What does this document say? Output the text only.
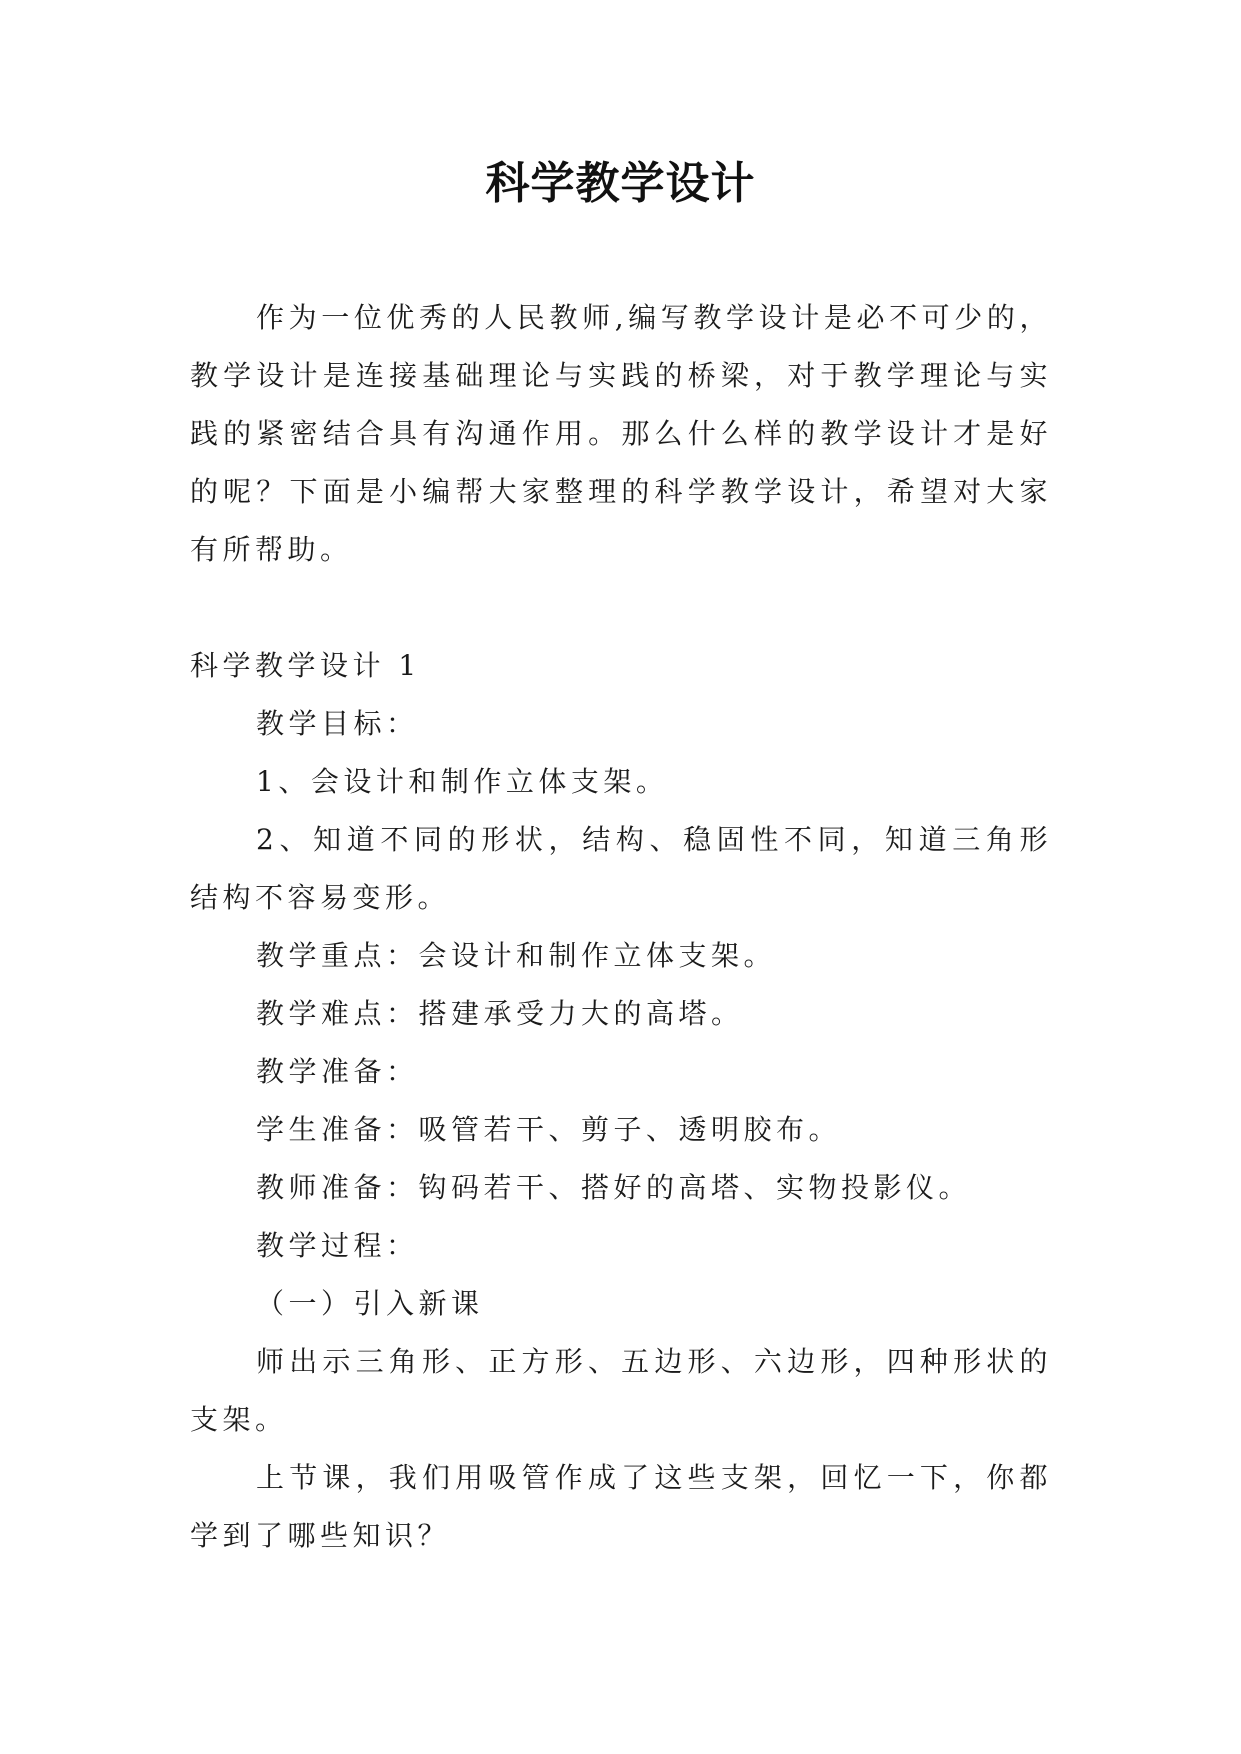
科学教学设计
作为一位优秀的人民教师,编写教学设计是必不可少的，教学设计是连接基础理论与实践的桥梁，对于教学理论与实践的紧密结合具有沟通作用。那么什么样的教学设计才是好的呢？下面是小编帮大家整理的科学教学设计，希望对大家有所帮助。

科学教学设计 1

教学目标：

1、会设计和制作立体支架。

2、知道不同的形状，结构、稳固性不同，知道三角形结构不容易变形。

教学重点：会设计和制作立体支架。

教学难点：搭建承受力大的高塔。

教学准备：

学生准备：吸管若干、剪子、透明胶布。

教师准备：钩码若干、搭好的高塔、实物投影仪。

教学过程：

（一）引入新课

师出示三角形、正方形、五边形、六边形，四种形状的支架。

上节课，我们用吸管作成了这些支架，回忆一下，你都学到了哪些知识？
